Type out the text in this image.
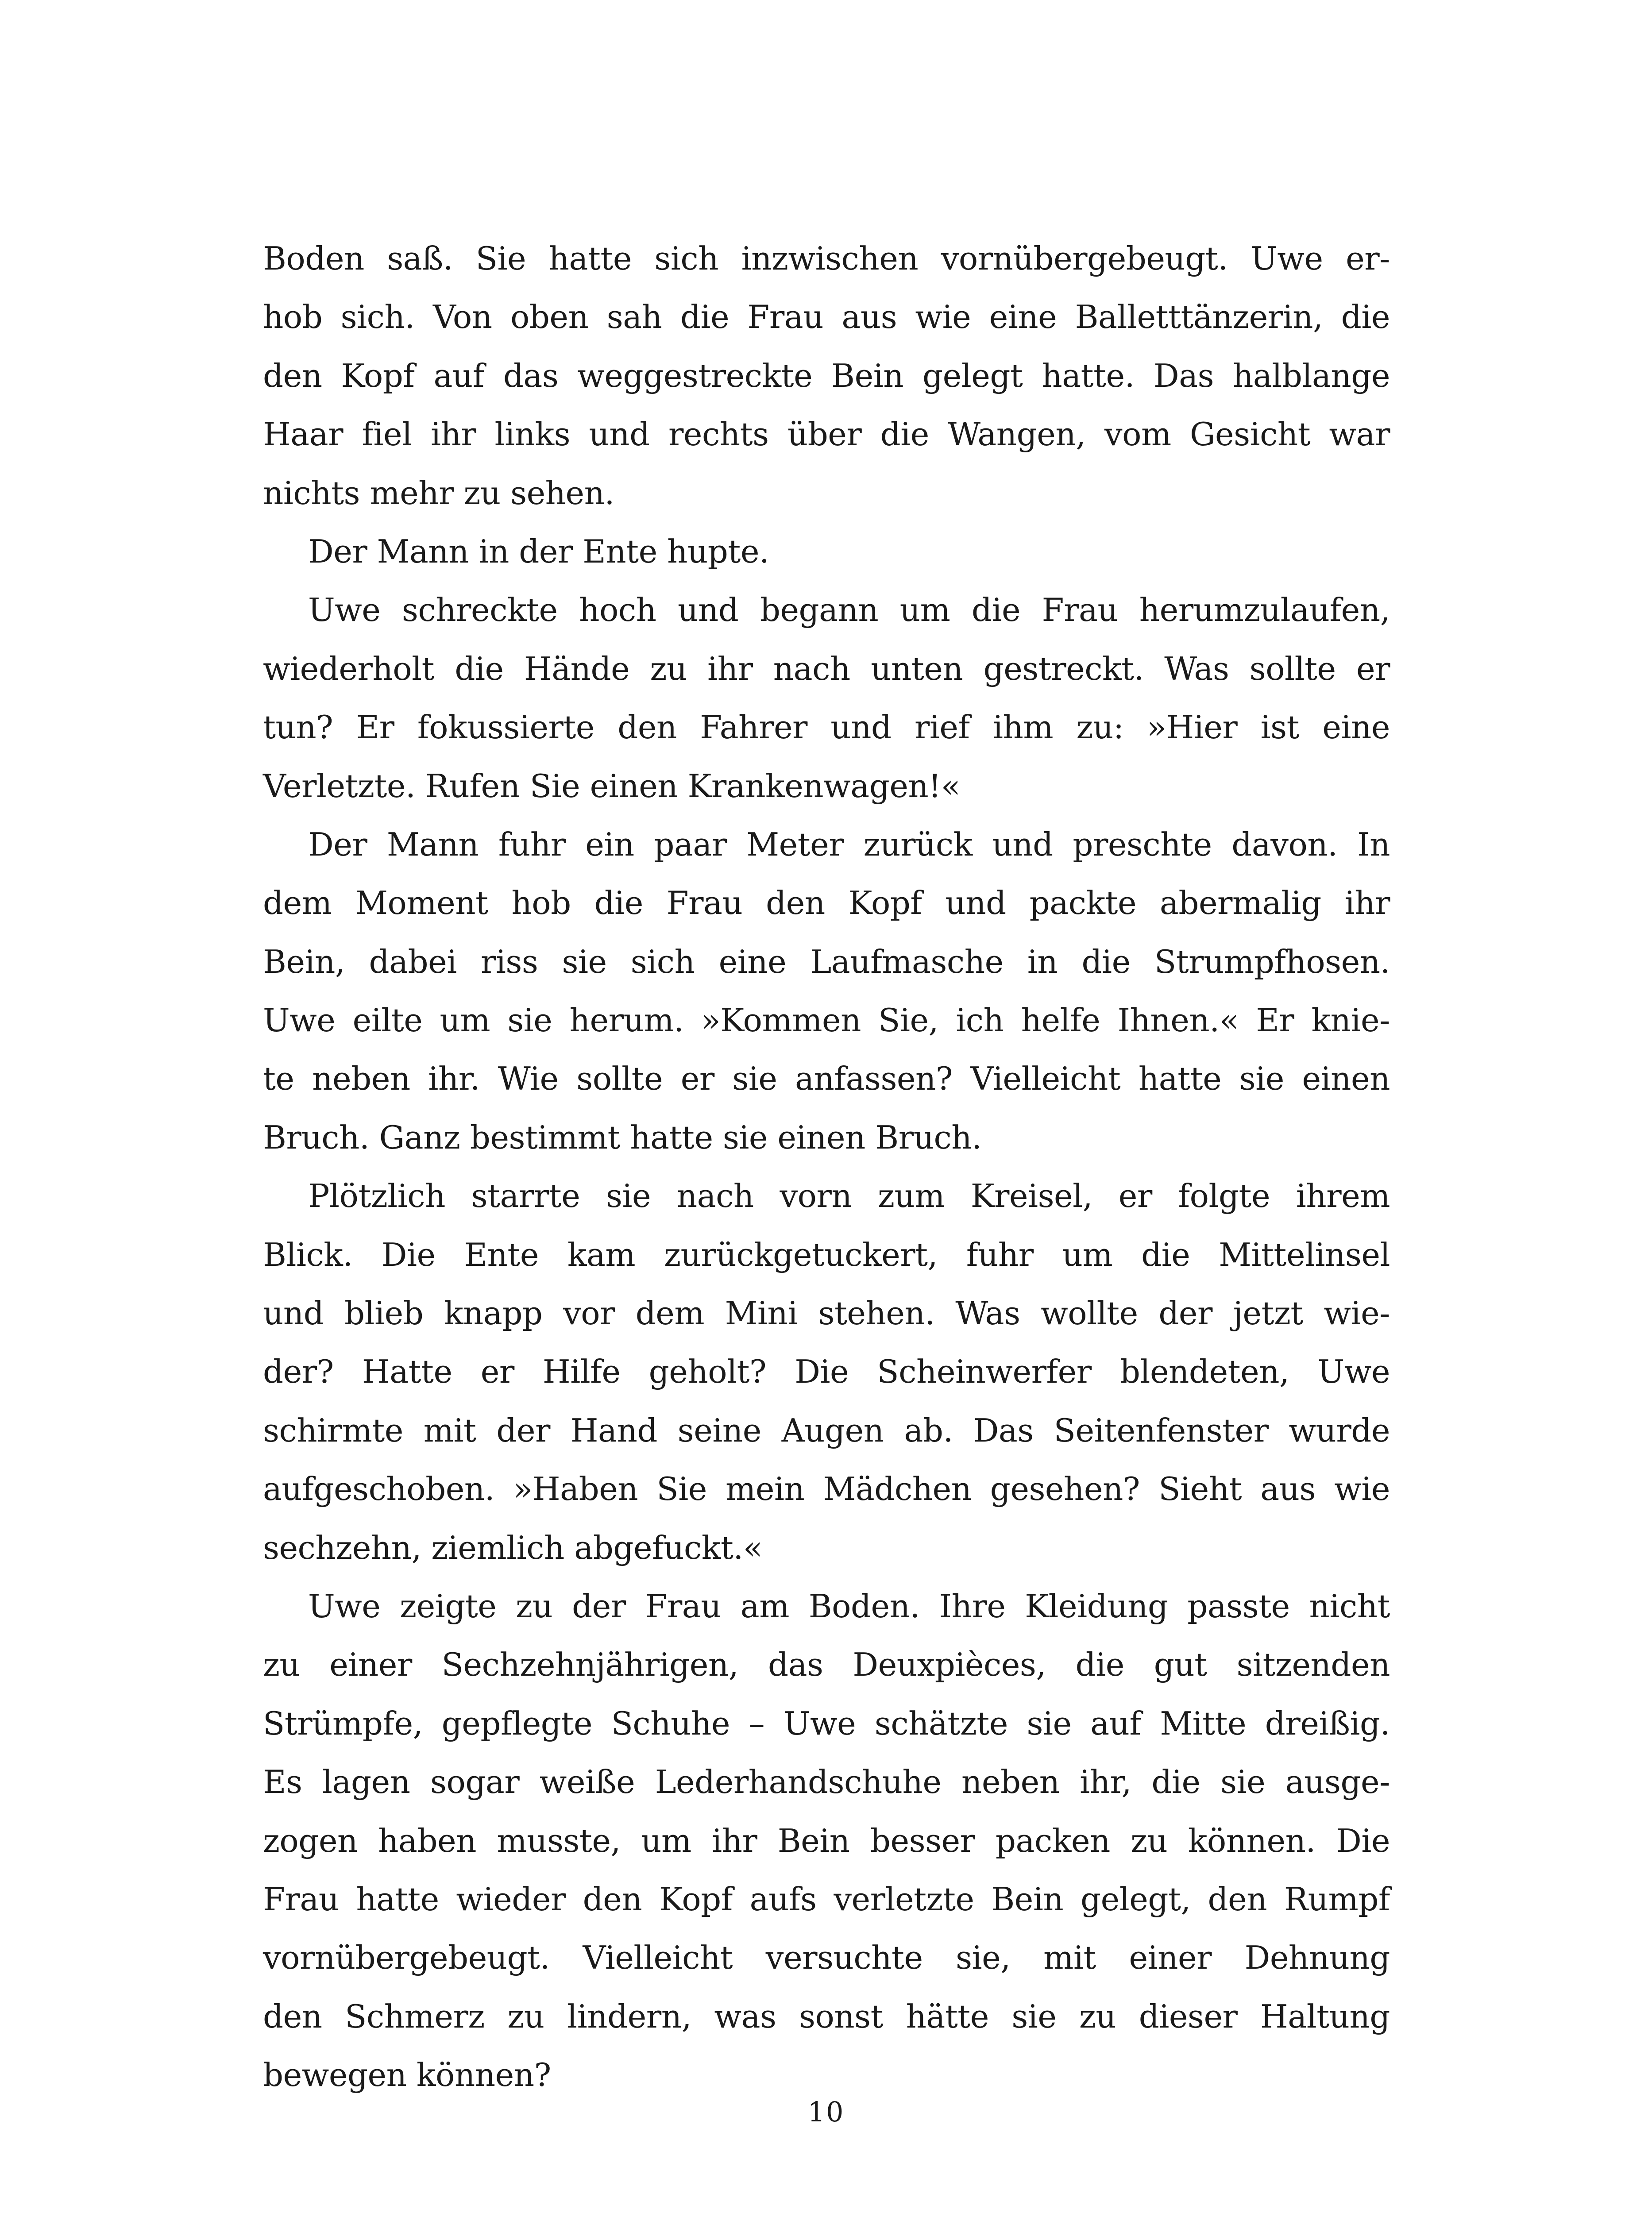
Boden saß. Sie hatte sich inzwischen vornübergebeugt. Uwe er-
hob sich. Von oben sah die Frau aus wie eine Balletttänzerin, die
den Kopf auf das weggestreckte Bein gelegt hatte. Das halblange
Haar fiel ihr links und rechts über die Wangen, vom Gesicht war
nichts mehr zu sehen.
Der Mann in der Ente hupte.
Uwe schreckte hoch und begann um die Frau herumzulaufen,
wiederholt die Hände zu ihr nach unten gestreckt. Was sollte er
tun? Er fokussierte den Fahrer und rief ihm zu: »Hier ist eine
Verletzte. Rufen Sie einen Krankenwagen!«
Der Mann fuhr ein paar Meter zurück und preschte davon. In
dem Moment hob die Frau den Kopf und packte abermalig ihr
Bein, dabei riss sie sich eine Laufmasche in die Strumpfhosen.
Uwe eilte um sie herum. »Kommen Sie, ich helfe Ihnen.« Er knie-
te neben ihr. Wie sollte er sie anfassen? Vielleicht hatte sie einen
Bruch. Ganz bestimmt hatte sie einen Bruch.
Plötzlich starrte sie nach vorn zum Kreisel, er folgte ihrem
Blick. Die Ente kam zurückgetuckert, fuhr um die Mittelinsel
und blieb knapp vor dem Mini stehen. Was wollte der jetzt wie-
der? Hatte er Hilfe geholt? Die Scheinwerfer blendeten, Uwe
schirmte mit der Hand seine Augen ab. Das Seitenfenster wurde
aufgeschoben. »Haben Sie mein Mädchen gesehen? Sieht aus wie
sechzehn, ziemlich abgefuckt.«
Uwe zeigte zu der Frau am Boden. Ihre Kleidung passte nicht
zu einer Sechzehnjährigen, das Deuxpièces, die gut sitzenden
Strümpfe, gepflegte Schuhe – Uwe schätzte sie auf Mitte dreißig.
Es lagen sogar weiße Lederhandschuhe neben ihr, die sie ausge-
zogen haben musste, um ihr Bein besser packen zu können. Die
Frau hatte wieder den Kopf aufs verletzte Bein gelegt, den Rumpf
vornübergebeugt. Vielleicht versuchte sie, mit einer Dehnung
den Schmerz zu lindern, was sonst hätte sie zu dieser Haltung
bewegen können?
10
